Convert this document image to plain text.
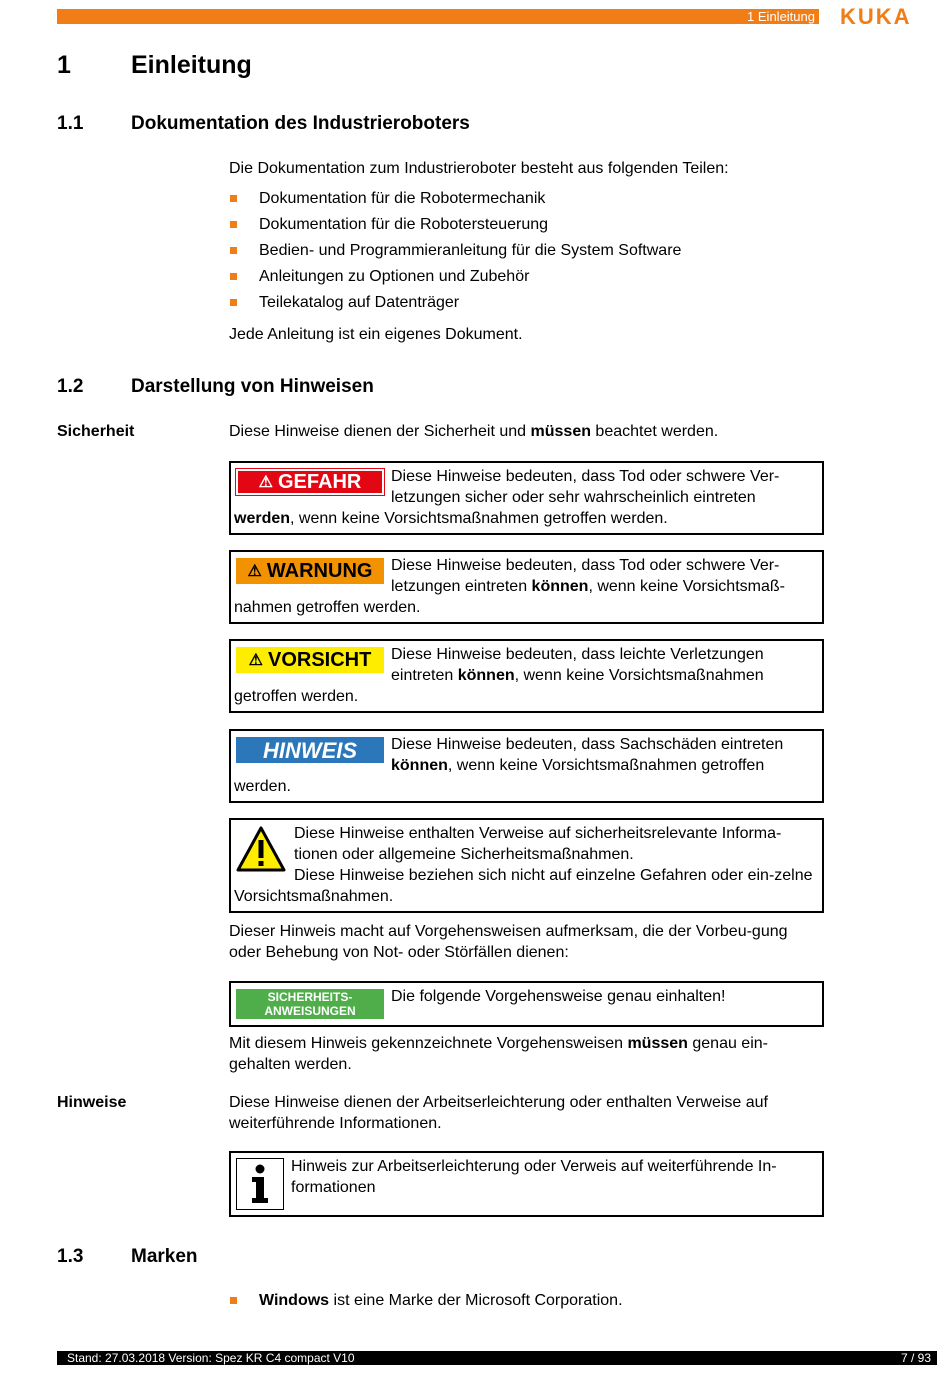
1 Einleitung KUKA
1 Einleitung
1.1	Dokumentation des Industrieroboters
Die Dokumentation zum Industrieroboter besteht aus folgenden Teilen:
Dokumentation für die Robotermechanik
Dokumentation für die Robotersteuerung
Bedien- und Programmieranleitung für die System Software
Anleitungen zu Optionen und Zubehör
Teilekatalog auf Datenträger
Jede Anleitung ist ein eigenes Dokument.
1.2	Darstellung von Hinweisen
Sicherheit	Diese Hinweise dienen der Sicherheit und müssen beachtet werden.
⚠ GEFAHR Diese Hinweise bedeuten, dass Tod oder schwere Ver-letzungen sicher oder sehr wahrscheinlich eintreten werden, wenn keine Vorsichtsmaßnahmen getroffen werden.
⚠ WARNUNG Diese Hinweise bedeuten, dass Tod oder schwere Ver-letzungen eintreten können, wenn keine Vorsichtsmaß-nahmen getroffen werden.
⚠ VORSICHT Diese Hinweise bedeuten, dass leichte Verletzungen eintreten können, wenn keine Vorsichtsmaßnahmen getroffen werden.
HINWEIS Diese Hinweise bedeuten, dass Sachschäden eintreten können, wenn keine Vorsichtsmaßnahmen getroffen werden.
Diese Hinweise enthalten Verweise auf sicherheitsrelevante Informa-tionen oder allgemeine Sicherheitsmaßnahmen.
Diese Hinweise beziehen sich nicht auf einzelne Gefahren oder ein-zelne Vorsichtsmaßnahmen.
Dieser Hinweis macht auf Vorgehensweisen aufmerksam, die der Vorbeu-gung oder Behebung von Not- oder Störfällen dienen:
SICHERHEITS-
ANWEISUNGEN
Die folgende Vorgehensweise genau einhalten!
Mit diesem Hinweis gekennzeichnete Vorgehensweisen müssen genau ein-gehalten werden.
Hinweise	Diese Hinweise dienen der Arbeitserleichterung oder enthalten Verweise auf weiterführende Informationen.
Hinweis zur Arbeitserleichterung oder Verweis auf weiterführende In-formationen
1.3	Marken
Windows ist eine Marke der Microsoft Corporation.
Stand: 27.03.2018 Version: Spez KR C4 compact V10	7 / 93
